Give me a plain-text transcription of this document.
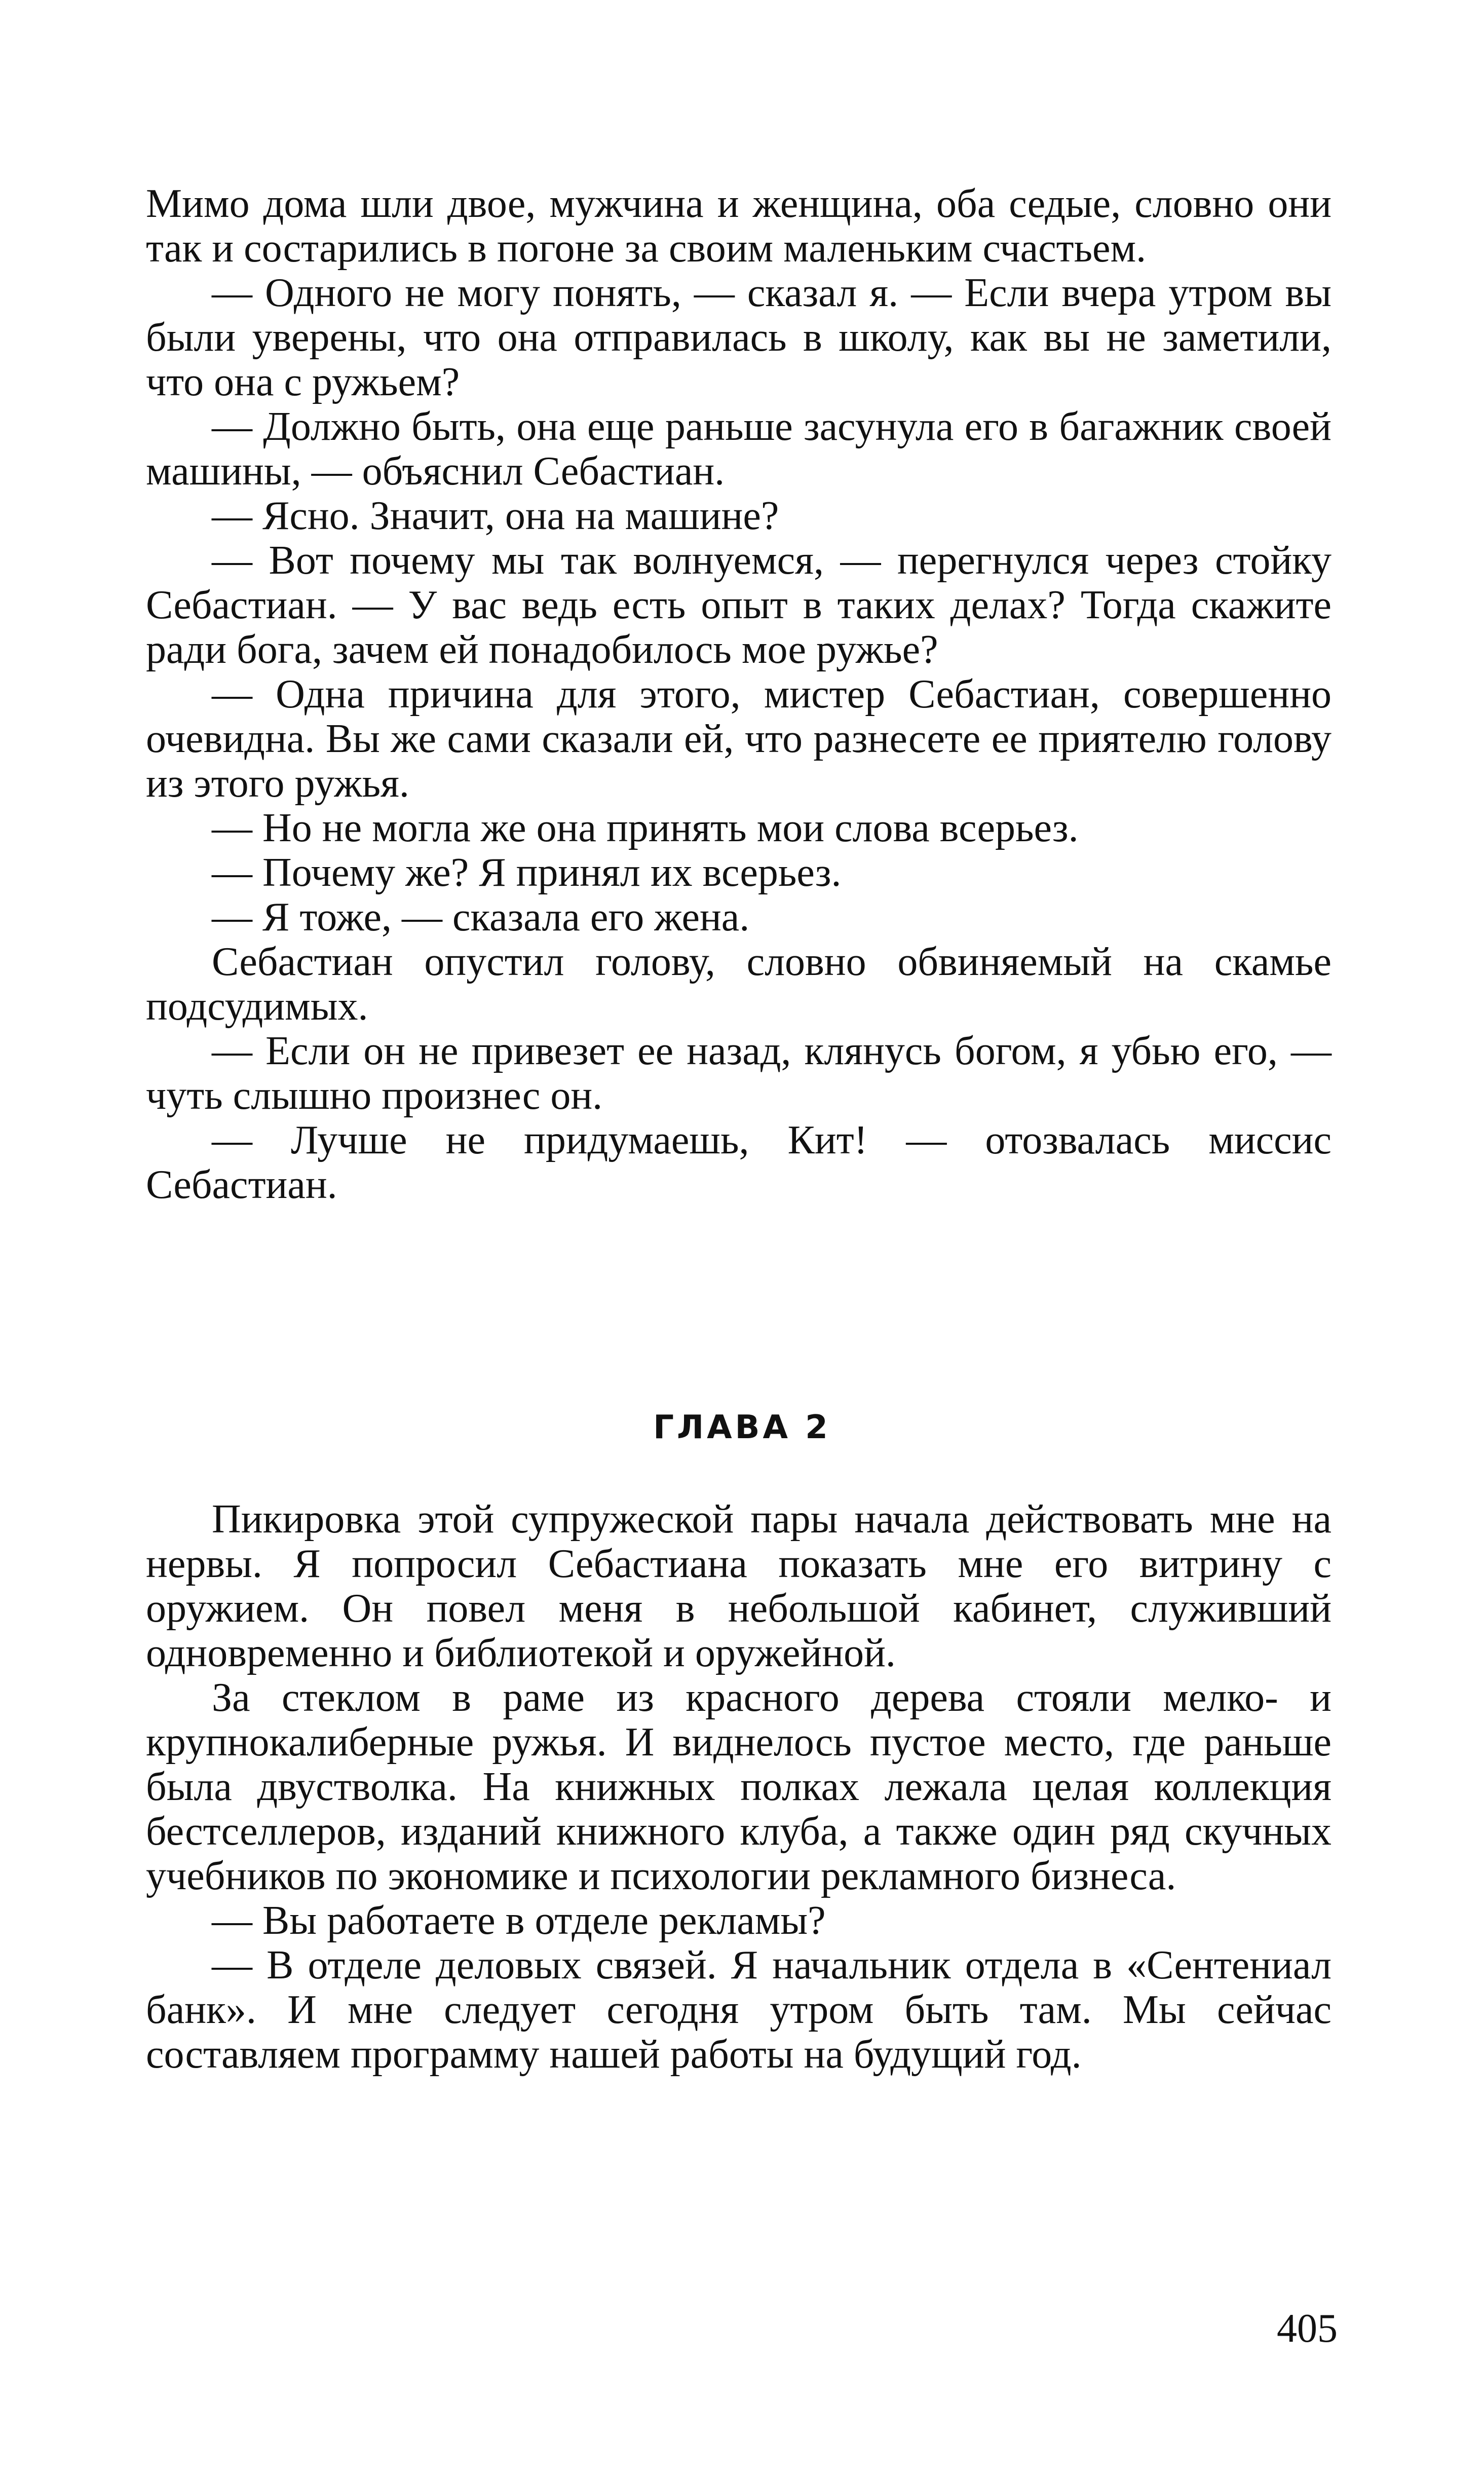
Мимо дома шли двое, мужчина и женщина, оба седые, словно они так и состарились в погоне за своим маленьким счастьем.

— Одного не могу понять, — сказал я. — Если вчера утром вы были уверены, что она отправилась в школу, как вы не заметили, что она с ружьем?

— Должно быть, она еще раньше засунула его в багажник своей машины, — объяснил Себастиан.

— Ясно. Значит, она на машине?

— Вот почему мы так волнуемся, — перегнулся через стойку Себастиан. — У вас ведь есть опыт в таких делах? Тогда скажите ради бога, зачем ей понадобилось мое ружье?

— Одна причина для этого, мистер Себастиан, совершенно очевидна. Вы же сами сказали ей, что разнесете ее приятелю голову из этого ружья.

— Но не могла же она принять мои слова всерьез.

— Почему же? Я принял их всерьез.

— Я тоже, — сказала его жена.

Себастиан опустил голову, словно обвиняемый на скамье подсудимых.

— Если он не привезет ее назад, клянусь богом, я убью его, — чуть слышно произнес он.

— Лучше не придумаешь, Кит! — отозвалась миссис Себастиан.

ГЛАВА 2

Пикировка этой супружеской пары начала действовать мне на нервы. Я попросил Себастиана показать мне его витрину с оружием. Он повел меня в небольшой кабинет, служивший одновременно и библиотекой и оружейной.

За стеклом в раме из красного дерева стояли мелко- и крупнокалиберные ружья. И виднелось пустое место, где раньше была двустволка. На книжных полках лежала целая коллекция бестселлеров, изданий книжного клуба, а также один ряд скучных учебников по экономике и психологии рекламного бизнеса.

— Вы работаете в отделе рекламы?

— В отделе деловых связей. Я начальник отдела в «Сентениал банк». И мне следует сегодня утром быть там. Мы сейчас составляем программу нашей работы на будущий год.

405
